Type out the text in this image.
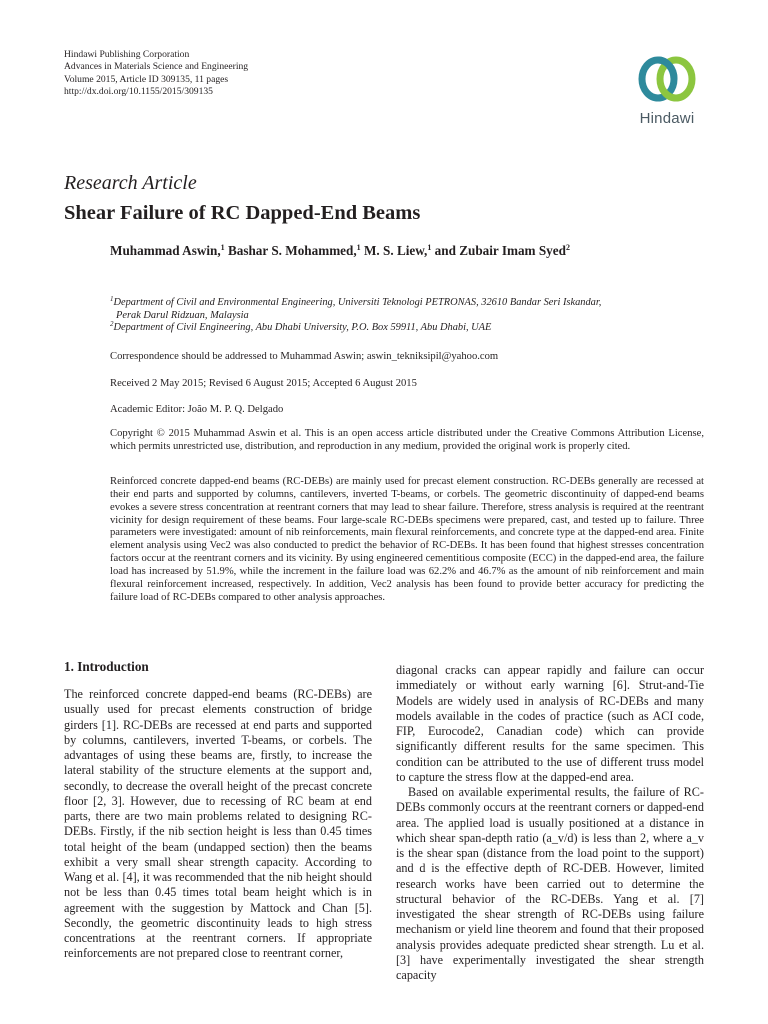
Hindawi Publishing Corporation
Advances in Materials Science and Engineering
Volume 2015, Article ID 309135, 11 pages
http://dx.doi.org/10.1155/2015/309135
Hindawi
Research Article
Shear Failure of RC Dapped-End Beams
Muhammad Aswin,$^1$ Bashar S. Mohammed,$^1$ M. S. Liew,$^1$ and Zubair Imam Syed$^2$
$^1$Department of Civil and Environmental Engineering, Universiti Teknologi PETRONAS, 32610 Bandar Seri Iskandar,
Perak Darul Ridzuan, Malaysia
$^2$Department of Civil Engineering, Abu Dhabi University, P.O. Box 59911, Abu Dhabi, UAE
Correspondence should be addressed to Muhammad Aswin; aswin_tekniksipil@yahoo.com
Received 2 May 2015; Revised 6 August 2015; Accepted 6 August 2015
Academic Editor: João M. P. Q. Delgado
Copyright © 2015 Muhammad Aswin et al. This is an open access article distributed under the Creative Commons Attribution License, which permits unrestricted use, distribution, and reproduction in any medium, provided the original work is properly cited.
Reinforced concrete dapped-end beams (RC-DEBs) are mainly used for precast element construction. RC-DEBs generally are recessed at their end parts and supported by columns, cantilevers, inverted T-beams, or corbels. The geometric discontinuity of dapped-end beams evokes a severe stress concentration at reentrant corners that may lead to shear failure. Therefore, stress analysis is required at the reentrant vicinity for design requirement of these beams. Four large-scale RC-DEBs specimens were prepared, cast, and tested up to failure. Three parameters were investigated: amount of nib reinforcements, main flexural reinforcements, and concrete type at the dapped-end area. Finite element analysis using Vec2 was also conducted to predict the behavior of RC-DEBs. It has been found that highest stresses concentration factors occur at the reentrant corners and its vicinity. By using engineered cementitious composite (ECC) in the dapped-end area, the failure load has increased by 51.9%, while the increment in the failure load was 62.2% and 46.7% as the amount of nib reinforcement and main flexural reinforcement increased, respectively. In addition, Vec2 analysis has been found to provide better accuracy for predicting the failure load of RC-DEBs compared to other analysis approaches.
1. Introduction

The reinforced concrete dapped-end beams (RC-DEBs) are usually used for precast elements construction of bridge girders [1]. RC-DEBs are recessed at end parts and supported by columns, cantilevers, inverted T-beams, or corbels. The advantages of using these beams are, firstly, to increase the lateral stability of the structure elements at the support and, secondly, to decrease the overall height of the precast concrete floor [2, 3]. However, due to recessing of RC beam at end parts, there are two main problems related to designing RC-DEBs. Firstly, if the nib section height is less than 0.45 times total height of the beam (undapped section) then the beams exhibit a very small shear strength capacity. According to Wang et al. [4], it was recommended that the nib height should not be less than 0.45 times total beam height which is in agreement with the suggestion by Mattock and Chan [5]. Secondly, the geometric discontinuity leads to high stress concentrations at the reentrant corners. If appropriate reinforcements are not prepared close to reentrant corner,

diagonal cracks can appear rapidly and failure can occur immediately or without early warning [6]. Strut-and-Tie Models are widely used in analysis of RC-DEBs and many models available in the codes of practice (such as ACI code, FIP, Eurocode2, Canadian code) which can provide significantly different results for the same specimen. This condition can be attributed to the use of different truss model to capture the stress flow at the dapped-end area.

Based on available experimental results, the failure of RC-DEBs commonly occurs at the reentrant corners or dapped-end area. The applied load is usually positioned at a distance in which shear span-depth ratio (a_v/d) is less than 2, where a_v is the shear span (distance from the load point to the support) and d is the effective depth of RC-DEB. However, limited research works have been carried out to determine the structural behavior of the RC-DEBs. Yang et al. [7] investigated the shear strength of RC-DEBs using failure mechanism or yield line theorem and found that their proposed analysis provides adequate predicted shear strength. Lu et al. [3] have experimentally investigated the shear strength capacity
